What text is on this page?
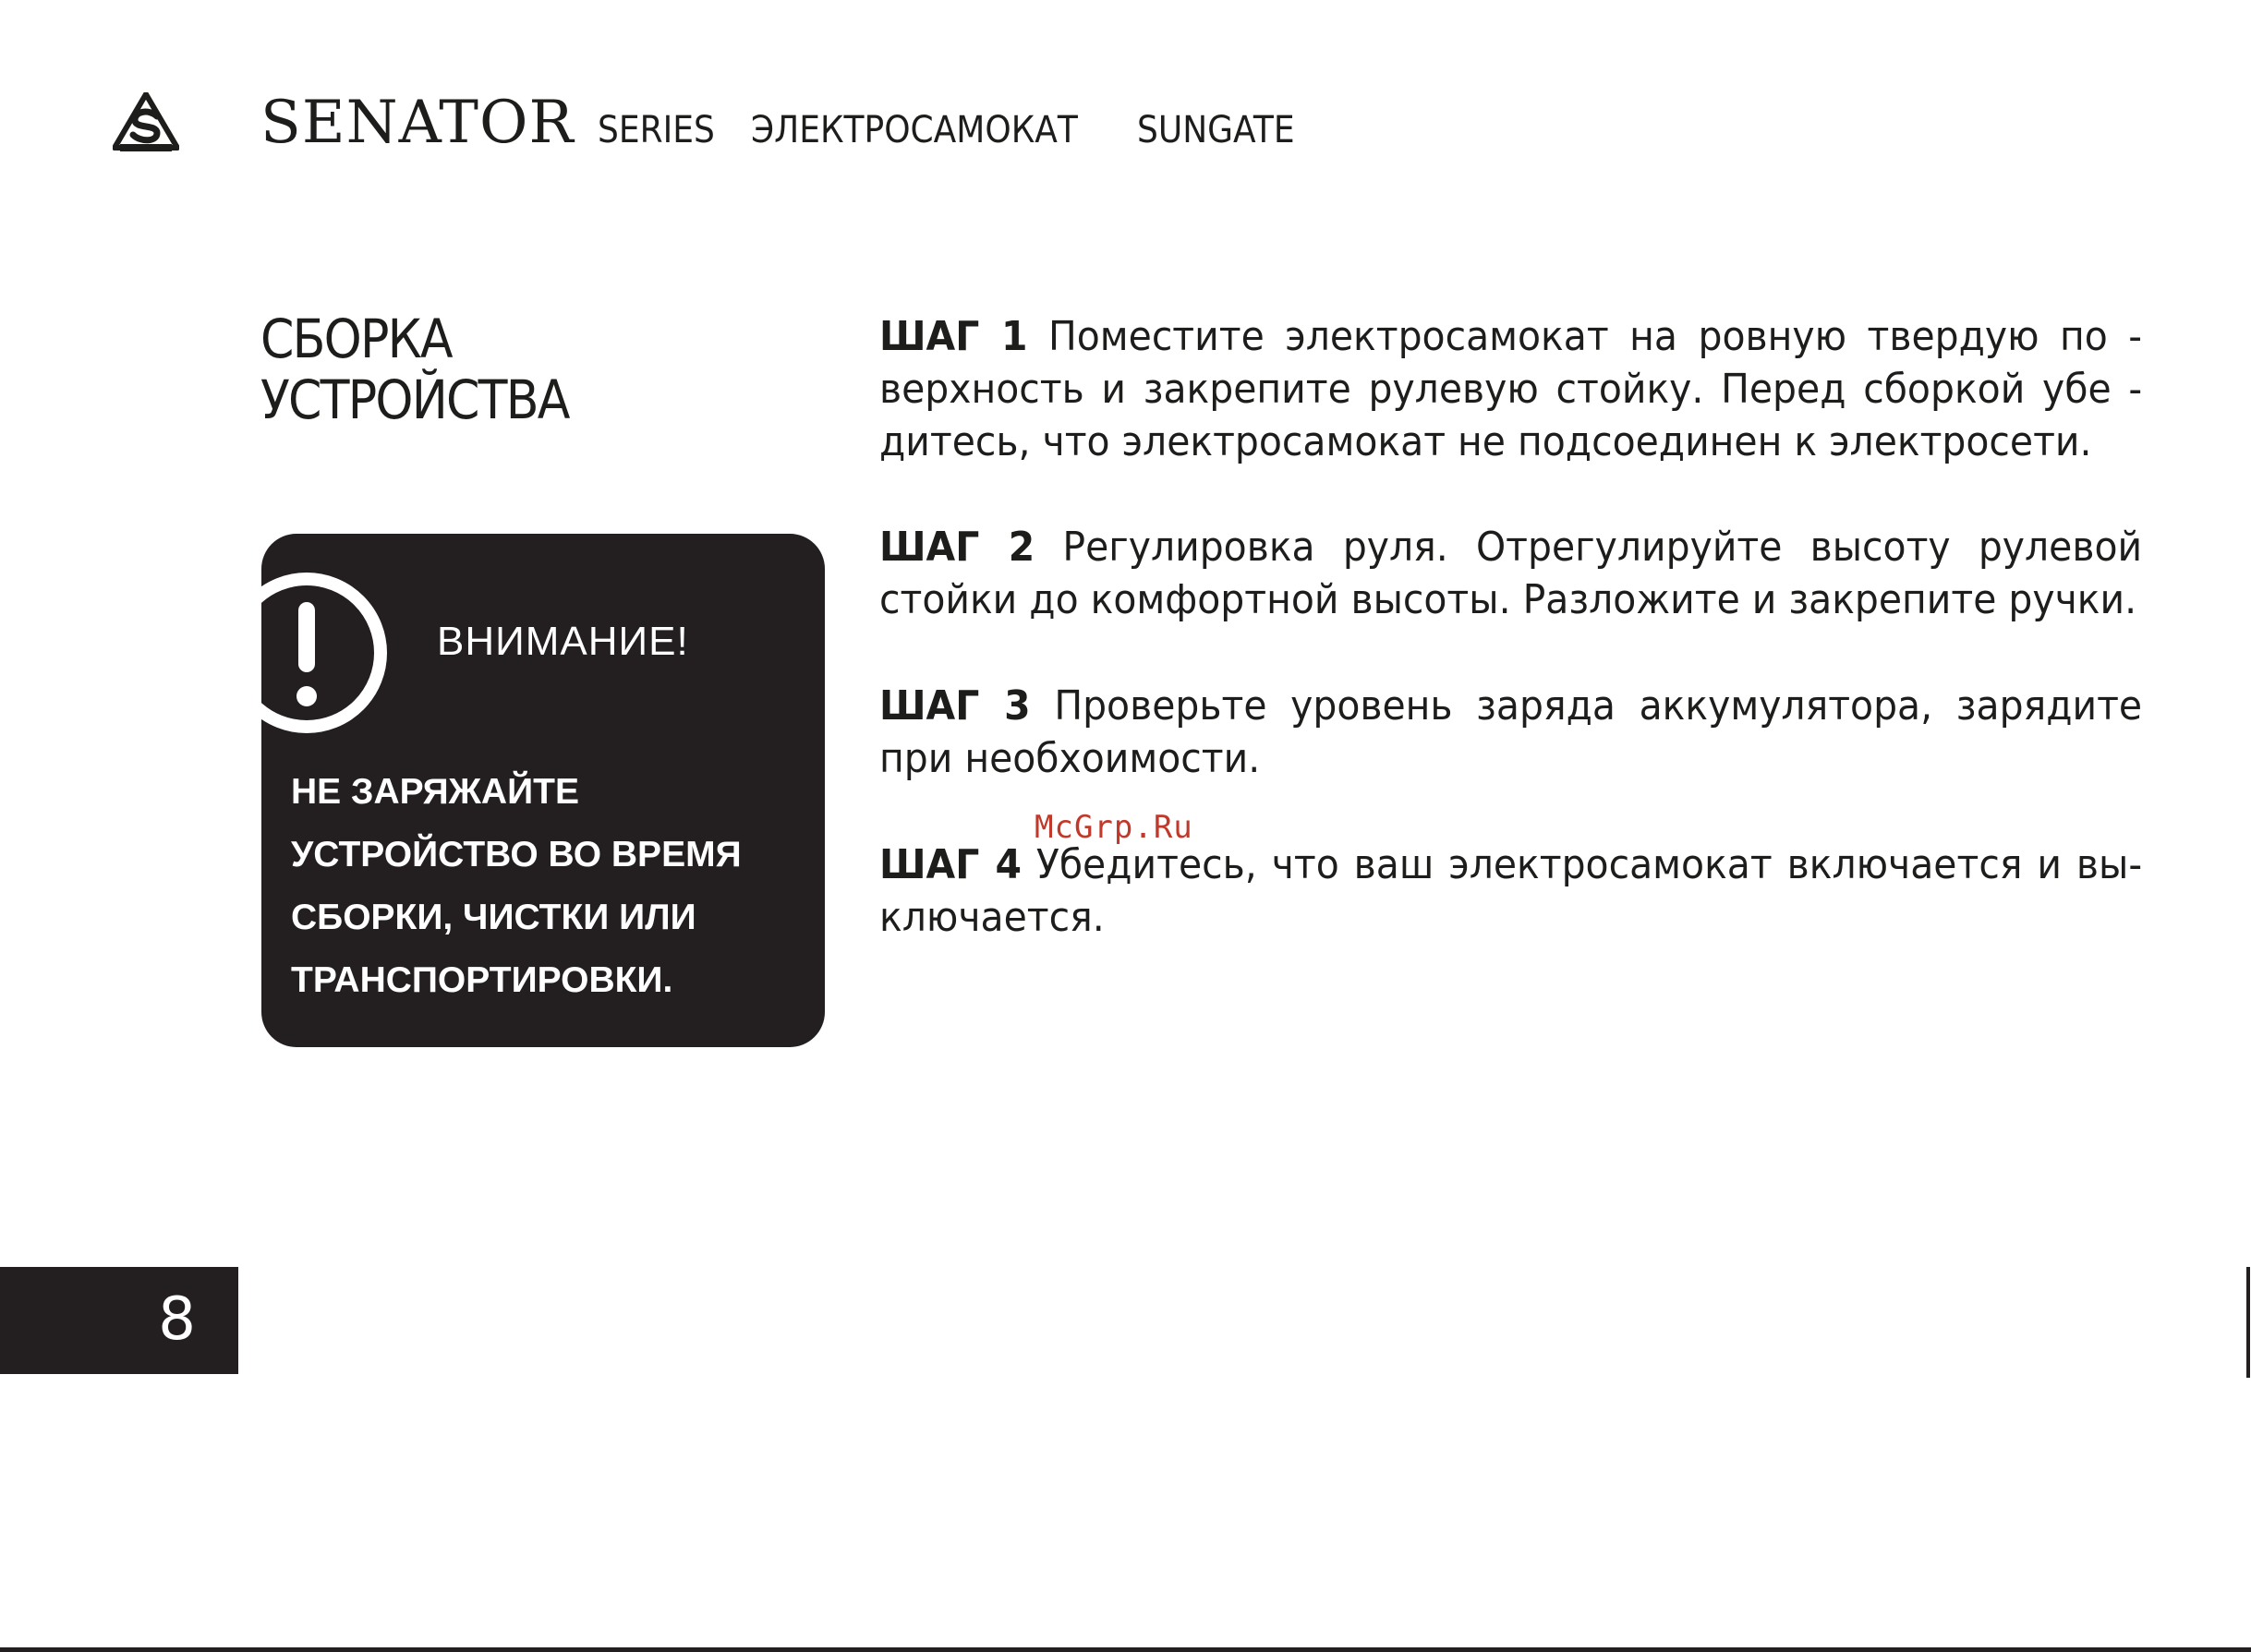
SENATOR SERIES ЭЛЕКТРОСАМОКАТ SUNGATE
СБОРКА
УСТРОЙСТВА
ВНИМАНИЕ!
НЕ ЗАРЯЖАЙТЕ
УСТРОЙСТВО ВО ВРЕМЯ
СБОРКИ, ЧИСТКИ ИЛИ
ТРАНСПОРТИРОВКИ.
ШАГ 1 Поместите электросамокат на ровную твердую по -
верхность и закрепите рулевую стойку. Перед сборкой убе -
дитесь, что электросамокат не подсоединен к электросети.
ШАГ 2 Регулировка руля. Отрегулируйте высоту рулевой
стойки до комфортной высоты. Разложите и закрепите ручки.
ШАГ 3 Проверьте уровень заряда аккумулятора, зарядите
при необхоимости.
ШАГ 4 Убедитесь, что ваш электросамокат включается и вы-
ключается.
McGrp.Ru
8
